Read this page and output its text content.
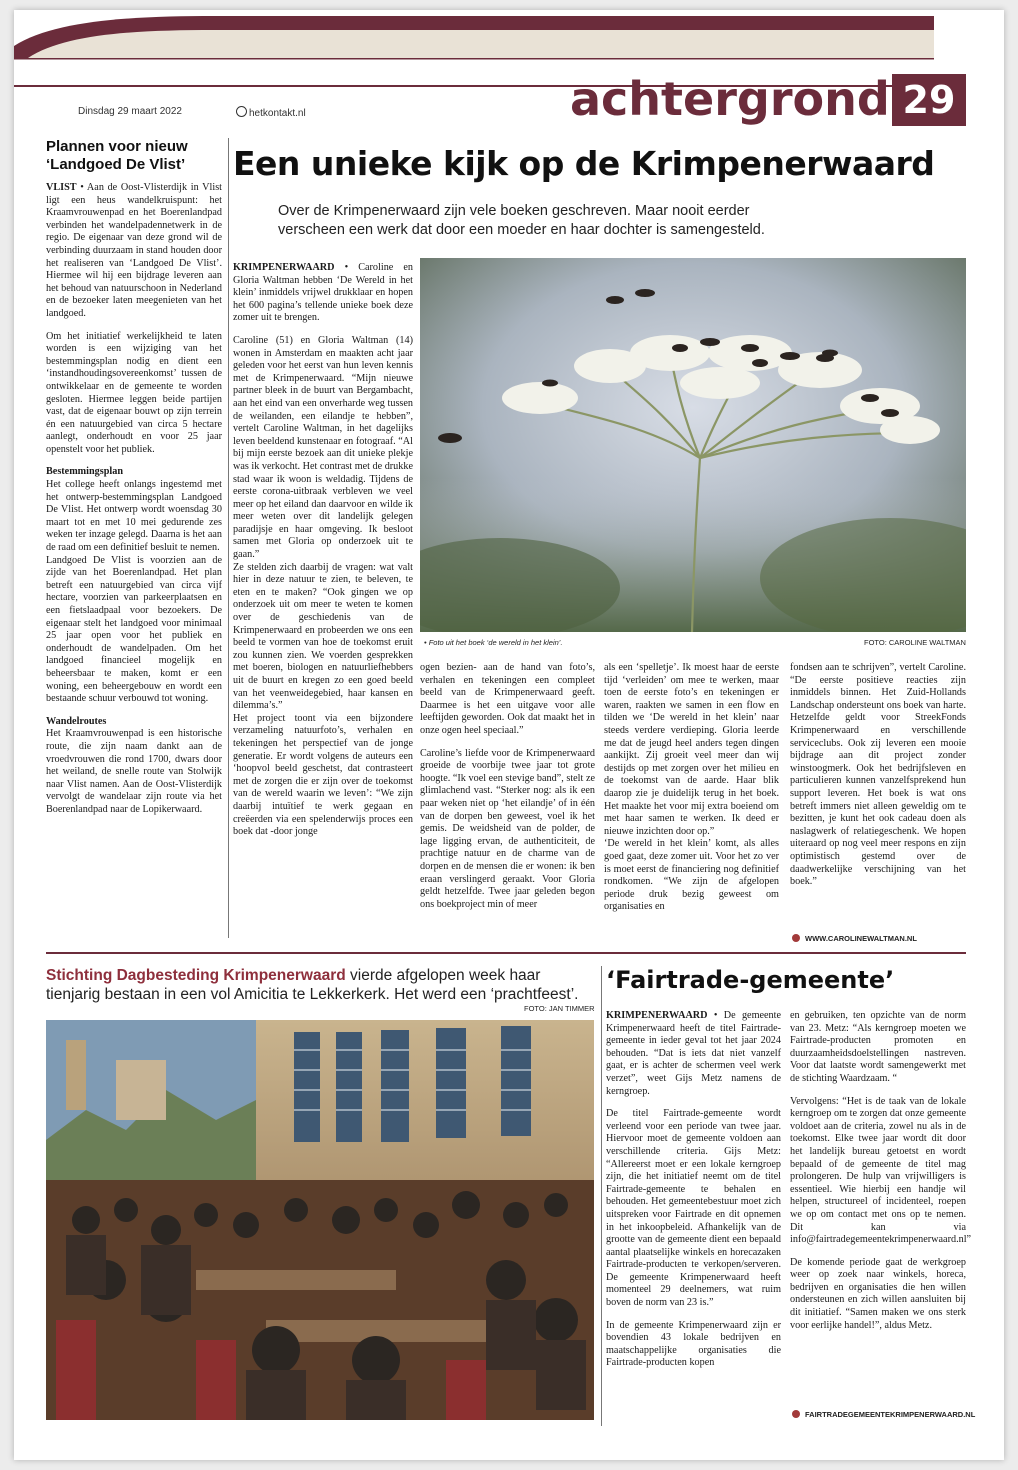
Dinsdag 29 maart 2022	hetkontakt.nl	achtergrond 29
Plannen voor nieuw ‘Landgoed De Vlist’

VLIST • Aan de Oost-Vlisterdijk in Vlist ligt een heus wandelkruispunt: het Kraamvrouwenpad en het Boerenlandpad verbinden het wandelpadennetwerk in de regio. De eigenaar van deze grond wil de verbinding duurzaam in stand houden door het realiseren van ‘Landgoed De Vlist’. Hiermee wil hij een bijdrage leveren aan het behoud van natuurschoon in Nederland en de bezoeker laten meegenieten van het landgoed.

Om het initiatief werkelijkheid te laten worden is een wijziging van het bestemmingsplan nodig en dient een ‘instandhoudingsovereenkomst’ tussen de ontwikkelaar en de gemeente te worden gesloten. Hiermee leggen beide partijen vast, dat de eigenaar bouwt op zijn terrein én een natuurgebied van circa 5 hectare aanlegt, onderhoudt en voor 25 jaar openstelt voor het publiek.

Bestemmingsplan

Het college heeft onlangs ingestemd met het ontwerp-bestemmingsplan Landgoed De Vlist. Het ontwerp wordt woensdag 30 maart tot en met 10 mei gedurende zes weken ter inzage gelegd. Daarna is het aan de raad om een definitief besluit te nemen.

Landgoed De Vlist is voorzien aan de zijde van het Boerenlandpad. Het plan betreft een natuurgebied van circa vijf hectare, voorzien van parkeerplaatsen en een fietslaadpaal voor bezoekers. De eigenaar stelt het landgoed voor minimaal 25 jaar open voor het publiek en onderhoudt de wandelpaden. Om het landgoed financieel mogelijk en beheersbaar te maken, komt er een woning, een beheergebouw en wordt een bestaande schuur verbouwd tot woning.

Wandelroutes

Het Kraamvrouwenpad is een historische route, die zijn naam dankt aan de vroedvrouwen die rond 1700, dwars door het weiland, de snelle route van Stolwijk naar Vlist namen. Aan de Oost-Vlisterdijk vervolgt de wandelaar zijn route via het Boerenlandpad naar de Lopikerwaard.

Een unieke kijk op de Krimpenerwaard
Over de Krimpenerwaard zijn vele boeken geschreven. Maar nooit eerder verscheen een werk dat door een moeder en haar dochter is samengesteld.

KRIMPENERWAARD • Caroline en Gloria Waltman hebben ‘De Wereld in het klein’ inmiddels vrijwel drukklaar en hopen het 600 pagina’s tellende unieke boek deze zomer uit te brengen.

Caroline (51) en Gloria Waltman (14) wonen in Amsterdam en maakten acht jaar geleden voor het eerst van hun leven kennis met de Krimpenerwaard. “Mijn nieuwe partner bleek in de buurt van Bergambacht, aan het eind van een onverharde weg tussen de weilanden, een eilandje te hebben”, vertelt Caroline Waltman, in het dagelijks leven beeldend kunstenaar en fotograaf. “Al bij mijn eerste bezoek aan dit unieke plekje was ik verkocht. Het contrast met de drukke stad waar ik woon is weldadig. Tijdens de eerste corona-uitbraak verbleven we veel meer op het eiland dan daarvoor en wilde ik meer weten over dit landelijk gelegen paradijsje en haar omgeving. Ik besloot samen met Gloria op onderzoek uit te gaan.”

Ze stelden zich daarbij de vragen: wat valt hier in deze natuur te zien, te beleven, te eten en te maken? “Ook gingen we op onderzoek uit om meer te weten te komen over de geschiedenis van de Krimpenerwaard en probeerden we ons een beeld te vormen van hoe de toekomst eruit zou kunnen zien. We voerden gesprekken met boeren, biologen en natuurliefhebbers uit de buurt en kregen zo een goed beeld van het veenweidegebied, haar kansen en dilemma’s.”

Het project toont via een bijzondere verzameling natuurfoto’s, verhalen en tekeningen het perspectief van de jonge generatie. Er wordt volgens de auteurs een ‘hoopvol beeld geschetst, dat contrasteert met de zorgen die er zijn over de toekomst van de wereld waarin we leven’: “We zijn daarbij intuïtief te werk gegaan en creëerden via een spelenderwijs proces een boek dat -door jonge

• Foto uit het boek ‘de wereld in het klein’.	FOTO: CAROLINE WALTMAN

ogen bezien- aan de hand van foto’s, verhalen en tekeningen een compleet beeld van de Krimpenerwaard geeft. Daarmee is het een uitgave voor alle leeftijden geworden. Ook dat maakt het in onze ogen heel speciaal.”

Caroline’s liefde voor de Krimpenerwaard groeide de voorbije twee jaar tot grote hoogte. “Ik voel een stevige band”, stelt ze glimlachend vast. “Sterker nog: als ik een paar weken niet op ‘het eilandje’ of in één van de dorpen ben geweest, voel ik het gemis. De weidsheid van de polder, de lage ligging ervan, de authenticiteit, de prachtige natuur en de charme van de dorpen en de mensen die er wonen: ik ben eraan verslingerd geraakt. Voor Gloria geldt hetzelfde. Twee jaar geleden begon ons boekproject min of meer

als een ‘spelletje’. Ik moest haar de eerste tijd ‘verleiden’ om mee te werken, maar toen de eerste foto’s en tekeningen er waren, raakten we samen in een flow en tilden we ‘De wereld in het klein’ naar steeds verdere verdieping. Gloria leerde me dat de jeugd heel anders tegen dingen aankijkt. Zij groeit veel meer dan wij destijds op met zorgen over het milieu en de toekomst van de aarde. Haar blik daarop zie je duidelijk terug in het boek. Het maakte het voor mij extra boeiend om met haar samen te werken. Ik deed er nieuwe inzichten door op.”

‘De wereld in het klein’ komt, als alles goed gaat, deze zomer uit. Voor het zo ver is moet eerst de financiering nog definitief rondkomen. “We zijn de afgelopen periode druk bezig geweest om organisaties en

fondsen aan te schrijven”, vertelt Caroline. “De eerste positieve reacties zijn inmiddels binnen. Het Zuid-Hollands Landschap ondersteunt ons boek van harte. Hetzelfde geldt voor StreekFonds Krimpenerwaard en verschillende serviceclubs. Ook zij leveren een mooie bijdrage aan dit project zonder winstoogmerk. Ook het bedrijfsleven en particulieren kunnen vanzelfsprekend hun support leveren. Het boek is wat ons betreft immers niet alleen geweldig om te bezitten, je kunt het ook cadeau doen als naslagwerk of relatiegeschenk. We hopen uiteraard op nog veel meer respons en zijn optimistisch gestemd over de daadwerkelijke verschijning van het boek.”

WWW.CAROLINEWALTMAN.NL
Stichting Dagbesteding Krimpenerwaard vierde afgelopen week haar tienjarig bestaan in een vol Amicitia te Lekkerkerk. Het werd een ‘prachtfeest’.
FOTO: JAN TIMMER
‘Fairtrade-gemeente’

KRIMPENERWAARD • De gemeente Krimpenerwaard heeft de titel Fairtrade-gemeente in ieder geval tot het jaar 2024 behouden. “Dat is iets dat niet vanzelf gaat, er is achter de schermen veel werk verzet”, weet Gijs Metz namens de kerngroep.

De titel Fairtrade-gemeente wordt verleend voor een periode van twee jaar. Hiervoor moet de gemeente voldoen aan verschillende criteria. Gijs Metz: “Allereerst moet er een lokale kerngroep zijn, die het initiatief neemt om de titel Fairtrade-gemeente te behalen en behouden. Het gemeentebestuur moet zich uitspreken voor Fairtrade en dit opnemen in het inkoopbeleid. Afhankelijk van de grootte van de gemeente dient een bepaald aantal plaatselijke winkels en horecazaken Fairtrade-producten te verkopen/serveren. De gemeente Krimpenerwaard heeft momenteel 29 deelnemers, wat ruim boven de norm van 23 is.”

In de gemeente Krimpenerwaard zijn er bovendien 43 lokale bedrijven en maatschappelijke organisaties die Fairtrade-producten kopen

en gebruiken, ten opzichte van de norm van 23. Metz: “Als kerngroep moeten we Fairtrade-producten promoten en duurzaamheidsdoelstellingen nastreven. Voor dat laatste wordt samengewerkt met de stichting Waardzaam. “

Vervolgens: “Het is de taak van de lokale kerngroep om te zorgen dat onze gemeente voldoet aan de criteria, zowel nu als in de toekomst. Elke twee jaar wordt dit door het landelijk bureau getoetst en wordt bepaald of de gemeente de titel mag prolongeren. De hulp van vrijwilligers is essentieel. Wie hierbij een handje wil helpen, structureel of incidenteel, roepen we op om contact met ons op te nemen. Dit kan via info@fairtradegemeentekrimpenerwaard.nl”

De komende periode gaat de werkgroep weer op zoek naar winkels, horeca, bedrijven en organisaties die hen willen ondersteunen en zich willen aansluiten bij dit initiatief. “Samen maken we ons sterk voor eerlijke handel!”, aldus Metz.

FAIRTRADEGEMEENTEKRIMPENERWAARD.NL
